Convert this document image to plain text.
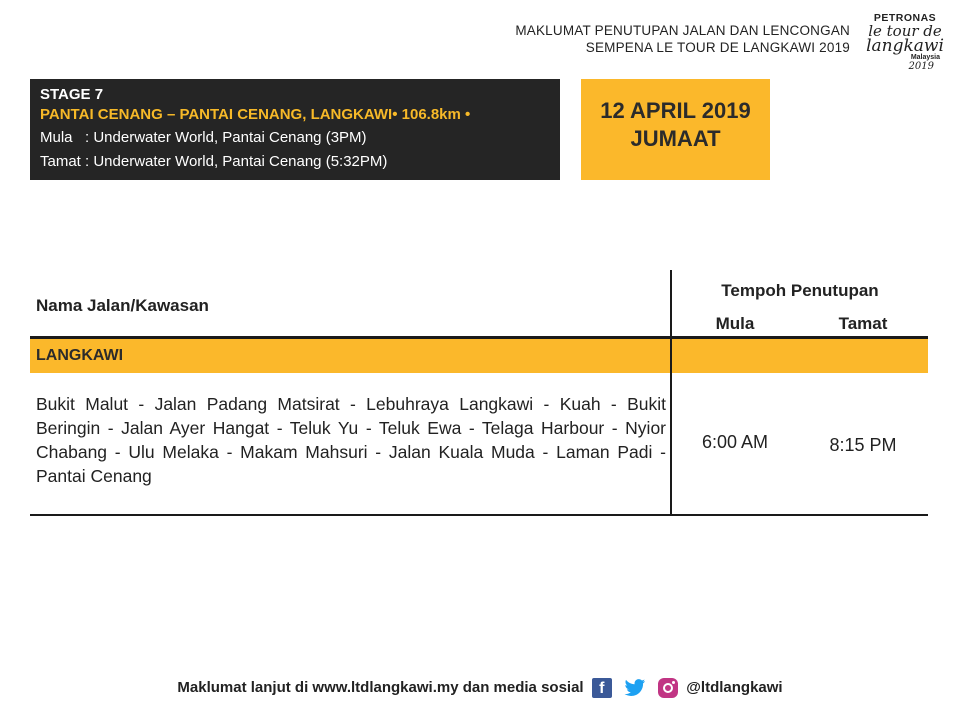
MAKLUMAT PENUTUPAN JALAN DAN LENCONGAN
SEMPENA LE TOUR DE LANGKAWI 2019
PETRONAS
le tour de
langkawi
Malaysia
2019
STAGE 7
PANTAI CENANG – PANTAI CENANG, LANGKAWI• 106.8km •
Mula   : Underwater World, Pantai Cenang (3PM)
Tamat : Underwater World, Pantai Cenang (5:32PM)
12 APRIL 2019
JUMAAT
Nama Jalan/Kawasan
Tempoh Penutupan
Mula	Tamat
LANGKAWI
Bukit Malut - Jalan Padang Matsirat - Lebuhraya Langkawi - Kuah - Bukit Beringin - Jalan Ayer Hangat - Teluk Yu - Teluk Ewa - Telaga Harbour - Nyior Chabang - Ulu Melaka - Makam Mahsuri - Jalan Kuala Muda - Laman Padi - Pantai Cenang
6:00 AM	8:15 PM
Maklumat lanjut di www.ltdlangkawi.my dan media sosial f	@ltdlangkawi
